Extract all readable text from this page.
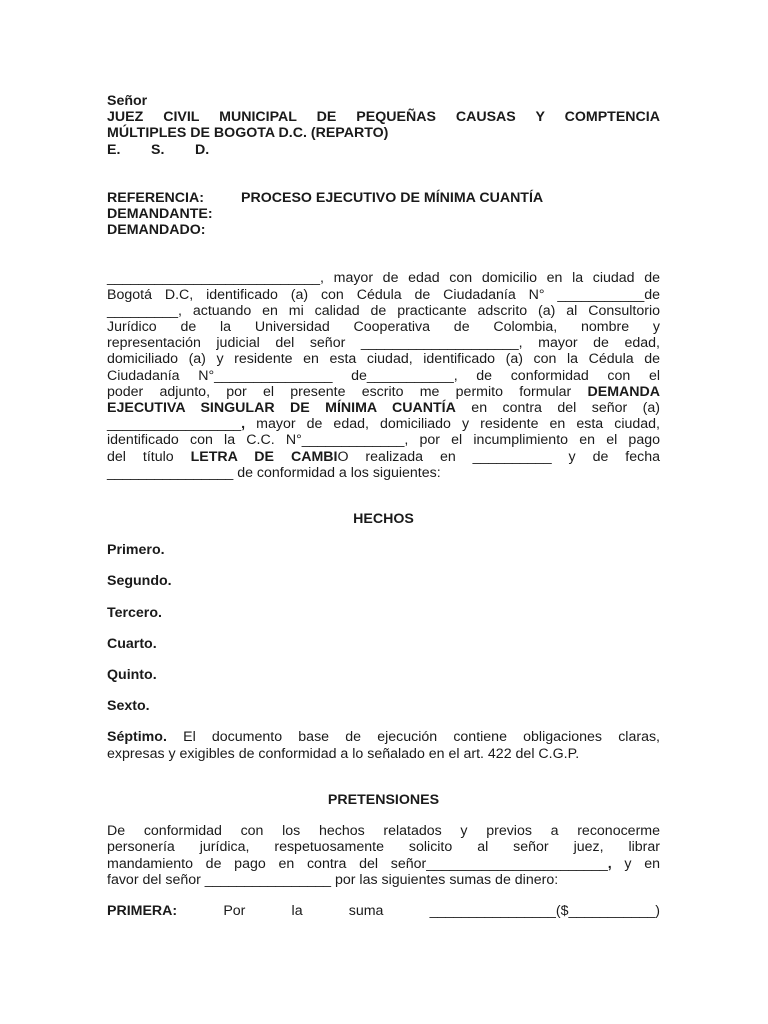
Señor
JUEZ CIVIL MUNICIPAL DE PEQUEÑAS CAUSAS Y COMPTENCIA
MÚLTIPLES DE BOGOTA D.C. (REPARTO)
E.	S.	D.
REFERENCIA:	PROCESO EJECUTIVO DE MÍNIMA CUANTÍA
DEMANDANTE:
DEMANDADO:
___________________________, mayor de edad con domicilio en la ciudad de
Bogotá D.C, identificado (a) con Cédula de Ciudadanía N° ___________de
_________, actuando en mi calidad de practicante adscrito (a) al Consultorio
Jurídico de la Universidad Cooperativa de Colombia, nombre y
representación judicial del señor ____________________, mayor de edad,
domiciliado (a) y residente en esta ciudad, identificado (a) con la Cédula de
Ciudadanía N°_______________ de___________, de conformidad con el
poder adjunto, por el presente escrito me permito formular DEMANDA
EJECUTIVA SINGULAR DE MÍNIMA CUANTÍA en contra del señor (a)
_________________, mayor de edad, domiciliado y residente en esta ciudad,
identificado con la C.C. N°_____________, por el incumplimiento en el pago
del título LETRA DE CAMBIO realizada en __________ y de fecha
________________ de conformidad a los siguientes:
HECHOS
Primero.
Segundo.
Tercero.
Cuarto.
Quinto.
Sexto.
Séptimo. El documento base de ejecución contiene obligaciones claras,
expresas y exigibles de conformidad a lo señalado en el art. 422 del C.G.P.
PRETENSIONES
De conformidad con los hechos relatados y previos a reconocerme
personería jurídica, respetuosamente solicito al señor juez, librar
mandamiento de pago en contra del señor_______________________, y en
favor del señor ________________ por las siguientes sumas de dinero:
PRIMERA:	Por	la	suma	________________($___________)
